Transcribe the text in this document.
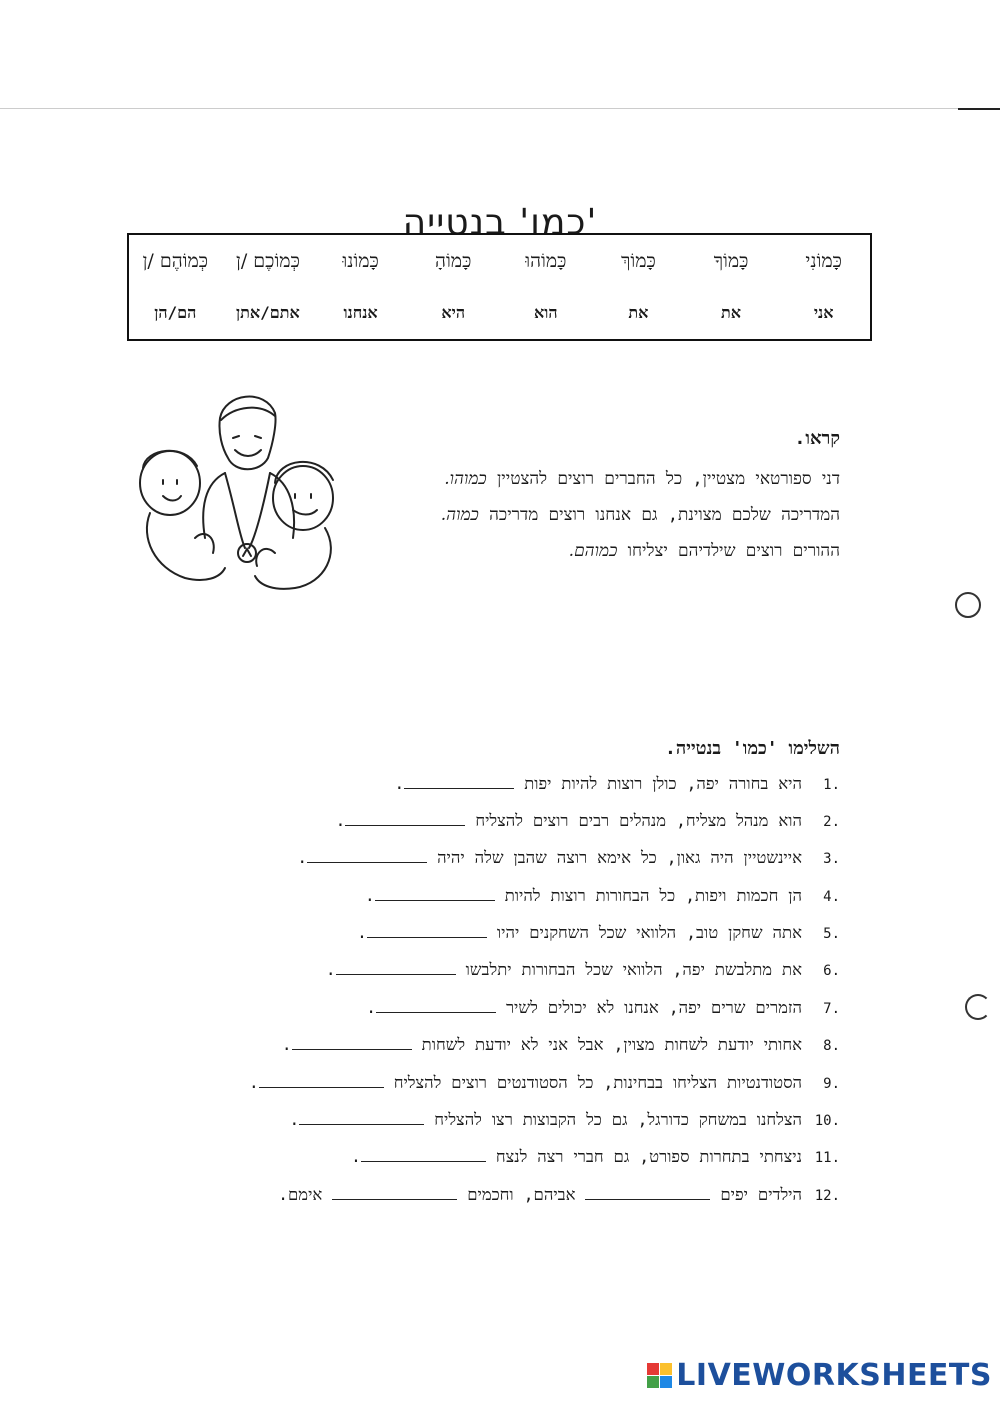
'כמו' בנטייה
כָּמוֹנִי
כָּמוֹךָ
כָּמוֹךְ
כָּמוֹהוּ
כָּמוֹהָ
כָּמוֹנוּ
כְּמוֹכֶם /ן
כְּמוֹהֶם /ן
אני
את
את
הוא
היא
אנחנו
אתם/אתן
הם/הן
קראו.
דני ספורטאי מצטיין, כל החברים רוצים להצטיין כמוהו.
המדריכה שלכם מצוינת, גם אנחנו רוצים מדריכה כמוה.
ההורים רוצים שילדיהם יצליחו כמוהם.
השלימו 'כמו' בנטייה.
.1
היא בחורה יפה, כולן רוצות להיות יפות

.
.2
הוא מנהל מצליח, מנהלים רבים רוצים להצליח

.
.3
איינשטיין היה גאון, כל אימא רוצה שהבן שלה יהיה

.
.4
הן חכמות ויפות, כל הבחורות רוצות להיות

.
.5
אתה שחקן טוב, הלוואי שכל השחקנים יהיו

.
.6
את מתלבשת יפה, הלוואי שכל הבחורות יתלבשו

.
.7
הזמרים שרים יפה, אנחנו לא יכולים לשיר

.
.8
אחותי יודעת לשחות מצוין, אבל אני לא יודעת לשחות

.
.9
הסטודנטיות הצליחו בבחינות, כל הסטודנטים רוצים להצליח

.
.10
הצלחנו במשחק כדורגל, גם כל הקבוצות רצו להצליח

.
.11
ניצחתי בתחרות ספורט, גם חברי רצה לנצח

.
.12
הילדים יפים

אביהם, וחכמים

אימם.
LIVEWORKSHEETS
